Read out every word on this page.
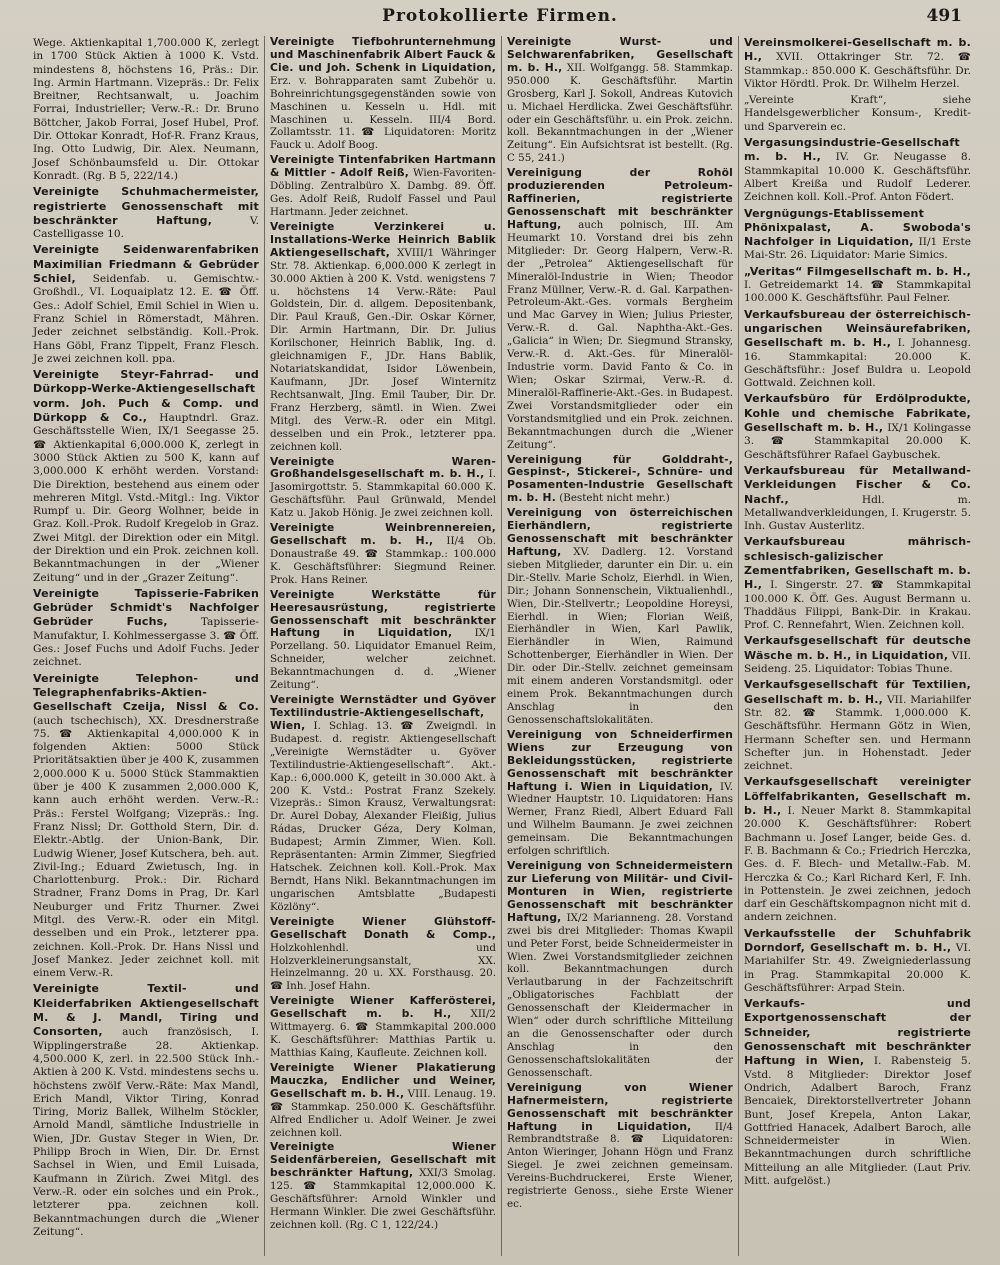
Protokollierte Firmen.	491

Wege. Aktienkapital 1,700.000 K, zerlegt in 1700 Stück Aktien à 1000 K. Vstd. mindestens 8, höchstens 16, Präs.: Dir. Ing. Armin Hartmann. Vizepräs.: Dr. Felix Breitner, Rechtsanwalt, u. Joachim Forrai, Industrieller; Verw.-R.: Dr. Bruno Böttcher, Jakob Forrai, Josef Hubel, Prof. Dir. Ottokar Konradt, Hof-R. Franz Kraus, Ing. Otto Ludwig, Dir. Alex. Neumann, Josef Schönbaumsfeld u. Dir. Ottokar Konradt. (Rg. B 5, 222/14.)

Vereinigte Schuhmachermeister, registrierte Genossenschaft mit beschränkter Haftung,	V. Castelligasse 10.

Vereinigte Seidenwarenfabriken Maximilian Friedmann & Gebrüder Schiel, Seidenfab. u. Gemischtw.-Großhdl., VI. Loquaiplatz 12. E. ☎ Öff. Ges.: Adolf Schiel, Emil Schiel in Wien u. Franz Schiel in Römerstadt, Mähren. Jeder zeichnet selbständig. Koll.-Prok. Hans Göbl, Franz Tippelt, Franz Flesch. Je zwei zeichnen koll. ppa.

Vereinigte Steyr-Fahrrad- und Dürkopp-Werke-Aktiengesellschaft vorm. Joh. Puch & Comp. und Dürkopp & Co., Hauptndrl. Graz. Geschäftsstelle Wien, IX/1 Seegasse 25. ☎ Aktienkapital 6,000.000 K, zerlegt in 3000 Stück Aktien zu 500 K, kann auf 3,000.000 K erhöht werden. Vorstand: Die Direktion, bestehend aus einem oder mehreren Mitgl. Vstd.-Mitgl.: Ing. Viktor Rumpf u. Dir. Georg Wolhner, beide in Graz. Koll.-Prok. Rudolf Kregelob in Graz. Zwei Mitgl. der Direktion oder ein Mitgl. der Direktion und ein Prok. zeichnen koll. Bekanntmachungen in der „Wiener Zeitung“ und in der „Grazer Zeitung“.

Vereinigte Tapisserie-Fabriken Gebrüder Schmidt's Nachfolger Gebrüder Fuchs,	Tapisserie-Manufaktur, I. Kohlmessergasse 3. ☎ Öff. Ges.: Josef Fuchs und Adolf Fuchs. Jeder zeichnet.

Vereinigte Telephon- und Telegraphenfabriks-Aktien-Gesellschaft Czeija, Nissl & Co. (auch tschechisch), XX. Dresdnerstraße 75. ☎ Aktienkapital 4,000.000 K in folgenden Aktien: 5000 Stück Prioritätsaktien über je 400 K, zusammen 2,000.000 K u. 5000 Stück Stammaktien über je 400 K zusammen 2,000.000 K, kann auch erhöht werden. Verw.-R.: Präs.: Ferstel Wolfgang; Vizepräs.: Ing. Franz Nissl; Dr. Gotthold Stern, Dir. d. Elektr.-Abtlg. der Union-Bank, Dir. Ludwig Wiener, Josef Kutschera, beh. aut. Zivil-Ing.; Eduard Zwietusch, Ing. in Charlottenburg. Prok.: Dir. Richard Stradner, Franz Doms in Prag, Dr. Karl Neuburger und Fritz Thurner. Zwei Mitgl. des Verw.-R. oder ein Mitgl. desselben und ein Prok., letzterer ppa. zeichnen. Koll.-Prok. Dr. Hans Nissl und Josef Mankez. Jeder zeichnet koll. mit einem Verw.-R.

Vereinigte Textil- und Kleiderfabriken Aktiengesellschaft M. & J. Mandl, Tiring und Consorten, auch französisch, I. Wipplingerstraße 28. Aktienkap. 4,500.000 K, zerl. in 22.500 Stück Inh.-Aktien à 200 K. Vstd. mindestens sechs u. höchstens zwölf Verw.-Räte: Max Mandl, Erich Mandl, Viktor Tiring, Konrad Tiring, Moriz Ballek, Wilhelm Stöckler, Arnold Mandl, sämtliche Industrielle in Wien, JDr. Gustav Steger in Wien, Dr. Philipp Broch in Wien, Dir. Dr. Ernst Sachsel in Wien, und Emil Luisada, Kaufmann in Zürich. Zwei Mitgl. des Verw.-R. oder ein solches und ein Prok., letzterer ppa. zeichnen koll. Bekanntmachungen durch die „Wiener Zeitung“.

Vereinigte Tiefbohrunternehmung und Maschinenfabrik Albert Fauck & Cie. und Joh. Schenk in Liquidation, Erz. v. Bohrapparaten samt Zubehör u. Bohreinrichtungsgegenständen sowie von Maschinen u. Kesseln u. Hdl. mit Maschinen u. Kesseln. III/4 Bord. Zollamtsstr. 11. ☎ Liquidatoren: Moritz Fauck u. Adolf Boog.

Vereinigte Tintenfabriken Hartmann & Mittler - Adolf Reiß, Wien-Favoriten-Döbling. Zentralbüro X. Dambg. 89. Öff. Ges. Adolf Reiß, Rudolf Fassel und Paul Hartmann. Jeder zeichnet.

Vereinigte Verzinkerei u. Installations-Werke Heinrich Bablik Aktiengesellschaft, XVIII/1 Währinger Str. 78. Aktienkap. 6,000.000 K zerlegt in 30.000 Aktien à 200 K. Vstd. wenigstens 7 u. höchstens 14 Verw.-Räte: Paul Goldstein, Dir. d. allgem. Depositenbank, Dir. Paul Krauß, Gen.-Dir. Oskar Körner, Dir. Armin Hartmann, Dir. Dr. Julius Korilschoner, Heinrich Bablik, Ing. d. gleichnamigen F., JDr. Hans Bablik, Notariatskandidat, Isidor Löwenbein, Kaufmann, JDr. Josef Winternitz Rechtsanwalt, JIng. Emil Tauber, Dir. Dr. Franz Herzberg, sämtl. in Wien. Zwei Mitgl. des Verw.-R. oder ein Mitgl. desselben und ein Prok., letzterer ppa. zeichnen koll.

Vereinigte Waren-Großhandelsgesellschaft m. b. H., I. Jasomirgottstr. 5. Stammkapital 60.000 K. Geschäftsführ. Paul Grünwald, Mendel Katz u. Jakob Hönig. Je zwei zeichnen koll.

Vereinigte Weinbrennereien, Gesellschaft m. b. H., II/4 Ob. Donaustraße 49. ☎ Stammkap.: 100.000 K. Geschäftsführer: Siegmund Reiner. Prok. Hans Reiner.

Vereinigte Werkstätte für Heeresausrüstung, registrierte Genossenschaft mit beschränkter Haftung in Liquidation, IX/1 Porzellang. 50. Liquidator Emanuel Reim, Schneider, welcher zeichnet. Bekanntmachungen d. d. „Wiener Zeitung“.

Vereinigte Wernstädter und Gyöver Textilindustrie-Aktiengesellschaft, Wien, I. Schlag. 13. ☎ Zweigndl. in Budapest. d. registr. Aktiengesellschaft „Vereinigte Wernstädter u. Gyöver Textilindustrie-Aktiengesellschaft“. Akt.-Kap.: 6,000.000 K, geteilt in 30.000 Akt. à 200 K. Vstd.: Postrat Franz Szekely. Vizepräs.: Simon Krausz, Verwaltungsrat: Dr. Aurel Dobay, Alexander Fleißig, Julius Rádas, Drucker Géza, Dery Kolman, Budapest; Armin Zimmer, Wien. Koll. Repräsentanten: Armin Zimmer, Siegfried Hatschek. Zeichnen koll. Koll.-Prok. Max Berndt, Hans Nikl. Bekanntmachungen im ungarischen Amtsblatte „Budapesti Közlöny“.

Vereinigte Wiener Glühstoff-Gesellschaft Donath & Comp., Holzkohlenhdl. und Holzverkleinerungsanstalt, XX. Heinzelmanng. 20 u. XX. Forsthausg. 20. ☎ Inh. Josef Hahn.

Vereinigte Wiener Kafferösterei, Gesellschaft m. b. H., XII/2 Wittmayerg. 6. ☎ Stammkapital 200.000 K. Geschäftsführer: Matthias Partik u. Matthias Kaing, Kaufleute. Zeichnen koll.

Vereinigte Wiener Plakatierung Mauczka, Endlicher und Weiner, Gesellschaft m. b. H., VIII. Lenaug. 19. ☎ Stammkap. 250.000 K. Geschäftsführ. Alfred Endlicher u. Adolf Weiner. Je zwei zeichnen koll.

Vereinigte Wiener Seidenfärbereien, Gesellschaft mit beschränkter Haftung, XXI/3 Smolag. 125. ☎ Stammkapital 12,000.000 K. Geschäftsführer: Arnold Winkler und Hermann Winkler. Die zwei Geschäftsführ. zeichnen koll. (Rg. C 1, 122/24.)

Vereinigte Wurst- und Selchwarenfabriken, Gesellschaft m. b. H., XII. Wolfgangg. 58. Stammkap. 950.000 K. Geschäftsführ. Martin Grosberg, Karl J. Sokoll, Andreas Kutovich u. Michael Herdlicka. Zwei Geschäftsführ. oder ein Geschäftsführ. u. ein Prok. zeichn. koll. Bekanntmachungen in der „Wiener Zeitung“. Ein Aufsichtsrat ist bestellt. (Rg. C 55, 241.)

Vereinigung der Rohöl produzierenden Petroleum-Raffinerien, registrierte Genossenschaft mit beschränkter Haftung, auch polnisch, III. Am Heumarkt 10. Vorstand drei bis zehn Mitglieder: Dr. Georg Halpern, Verw.-R. der „Petrolea“ Aktiengesellschaft für Mineralöl-Industrie in Wien; Theodor Franz Müllner, Verw.-R. d. Gal. Karpathen-Petroleum-Akt.-Ges. vormals Bergheim und Mac Garvey in Wien; Julius Priester, Verw.-R. d. Gal. Naphtha-Akt.-Ges. „Galicia“ in Wien; Dr. Siegmund Stransky, Verw.-R. d. Akt.-Ges. für Mineralöl-Industrie vorm. David Fanto & Co. in Wien; Oskar Szirmai, Verw.-R. d. Mineralöl-Raffinerie-Akt.-Ges. in Budapest. Zwei Vorstandsmitglieder oder ein Vorstandsmitglied und ein Prok. zeichnen. Bekanntmachungen durch die „Wiener Zeitung“.

Vereinigung für Golddraht-, Gespinst-, Stickerei-, Schnüre- und Posamenten-Industrie Gesellschaft m. b. H. (Besteht nicht mehr.)

Vereinigung von österreichischen Eierhändlern, registrierte Genossenschaft mit beschränkter Haftung, XV. Dadlerg. 12. Vorstand sieben Mitglieder, darunter ein Dir. u. ein Dir.-Stellv. Marie Scholz, Eierhdl. in Wien, Dir.; Johann Sonnenschein, Viktualienhdl., Wien, Dir.-Stellvertr.; Leopoldine Horeysi, Eierhdl. in Wien; Florian Weiß, Eierhändler in Wien, Karl Pawlik, Eierhändler in Wien, Raimund Schottenberger, Eierhändler in Wien. Der Dir. oder Dir.-Stellv. zeichnet gemeinsam mit einem anderen Vorstandsmitgl. oder einem Prok. Bekanntmachungen durch Anschlag in den Genossenschaftslokalitäten.

Vereinigung von Schneiderfirmen Wiens zur Erzeugung von Bekleidungsstücken, registrierte Genossenschaft mit beschränkter Haftung i. Wien in Liquidation, IV. Wiedner Hauptstr. 10. Liquidatoren: Hans Werner, Franz Riedl, Albert Eduard Fall und Wilhelm Baumann. Je zwei zeichnen gemeinsam. Die Bekanntmachungen erfolgen schriftlich.

Vereinigung von Schneidermeistern zur Lieferung von Militär- und Civil-Monturen in Wien, registrierte Genossenschaft mit beschränkter Haftung, IX/2 Marianneng. 28. Vorstand zwei bis drei Mitglieder: Thomas Kwapil und Peter Forst, beide Schneidermeister in Wien. Zwei Vorstandsmitglieder zeichnen koll. Bekanntmachungen durch Verlautbarung in der Fachzeitschrift „Obligatorisches Fachblatt der Genossenschaft der Kleidermacher in Wien“ oder durch schriftliche Mitteilung an die Genossenschafter oder durch Anschlag in den Genossenschaftslokalitäten der Genossenschaft.

Vereinigung von Wiener Hafnermeistern, registrierte Genossenschaft mit beschränkter Haftung in Liquidation, II/4 Rembrandtstraße 8. ☎ Liquidatoren: Anton Wieringer, Johann Högn und Franz Siegel. Je zwei zeichnen gemeinsam. Vereins-Buchdruckerei, Erste Wiener, registrierte Genoss., siehe Erste Wiener ec.

Vereinsmolkerei-Gesellschaft m. b. H., XVII. Ottakringer Str. 72. ☎ Stammkap.: 850.000 K. Geschäftsführ. Dr. Viktor Hördtl. Prok. Dr. Wilhelm Herzel.

„Vereinte Kraft“, siehe Handelsgewerblicher Konsum-, Kredit- und Sparverein ec.

Vergasungsindustrie-Gesellschaft m. b. H., IV. Gr. Neugasse 8. Stammkapital 10.000 K. Geschäftsführ. Albert Kreißa und Rudolf Lederer. Zeichnen koll. Koll.-Prof. Anton Födert.

Vergnügungs-Etablissement Phönixpalast, A. Swoboda's Nachfolger in Liquidation, II/1 Erste Mai-Str. 26. Liquidator: Marie Simics.

„Veritas“ Filmgesellschaft m. b. H., I. Getreidemarkt 14. ☎ Stammkapital 100.000 K. Geschäftsführ. Paul Felner.

Verkaufsbureau der österreichisch-ungarischen Weinsäurefabriken, Gesellschaft m. b. H., I. Johannesg. 16. Stammkapital: 20.000 K. Geschäftsführ.: Josef Buldra u. Leopold Gottwald. Zeichnen koll.

Verkaufsbüro für Erdölprodukte, Kohle und chemische Fabrikate, Gesellschaft m. b. H., IX/1 Kolingasse 3. ☎ Stammkapital 20.000 K. Geschäftsführer Rafael Gaybuschek.

Verkaufsbureau für Metallwand-Verkleidungen Fischer & Co. Nachf.,	Hdl. m. Metallwandverkleidungen, I. Krugerstr. 5. Inh. Gustav Austerlitz.

Verkaufsbureau mährisch-schlesisch-galizischer Zementfabriken, Gesellschaft m. b. H., I. Singerstr. 27. ☎ Stammkapital 100.000 K. Öff. Ges. August Bermann u. Thaddäus Filippi, Bank-Dir. in Krakau. Prof. C. Rennefahrt, Wien. Zeichnen koll.

Verkaufsgesellschaft für deutsche Wäsche m. b. H., in Liquidation, VII. Seideng. 25. Liquidator: Tobias Thune.

Verkaufsgesellschaft für Textilien, Gesellschaft m. b. H., VII. Mariahilfer Str. 82. ☎ Stammk. 1,000.000 K. Geschäftsführ. Hermann Götz in Wien, Hermann Schefter sen. und Hermann Schefter jun. in Hohenstadt. Jeder zeichnet.

Verkaufsgesellschaft vereinigter Löffelfabrikanten, Gesellschaft m. b. H., I. Neuer Markt 8. Stammkapital 20.000 K. Geschäftsführer: Robert Bachmann u. Josef Langer, beide Ges. d. F. B. Bachmann & Co.; Friedrich Herczka, Ges. d. F. Blech- und Metallw.-Fab. M. Herczka & Co.; Karl Richard Kerl, F. Inh. in Pottenstein. Je zwei zeichnen, jedoch darf ein Geschäftskompagnon nicht mit d. andern zeichnen.

Verkaufsstelle der Schuhfabrik Dorndorf, Gesellschaft m. b. H., VI. Mariahilfer Str. 49. Zweigniederlassung in Prag. Stammkapital 20.000 K. Geschäftsführer: Arpad Stein.

Verkaufs- und Exportgenossenschaft der Schneider, registrierte Genossenschaft mit beschränkter Haftung in Wien, I. Rabensteig 5. Vstd. 8 Mitglieder: Direktor Josef Ondrich, Adalbert Baroch, Franz Bencaiek, Direktorstellvertreter Johann Bunt, Josef Krepela, Anton Lakar, Gottfried Hanacek, Adalbert Baroch, alle Schneidermeister in Wien. Bekanntmachungen durch schriftliche Mitteilung an alle Mitglieder. (Laut Priv. Mitt. aufgelöst.)
